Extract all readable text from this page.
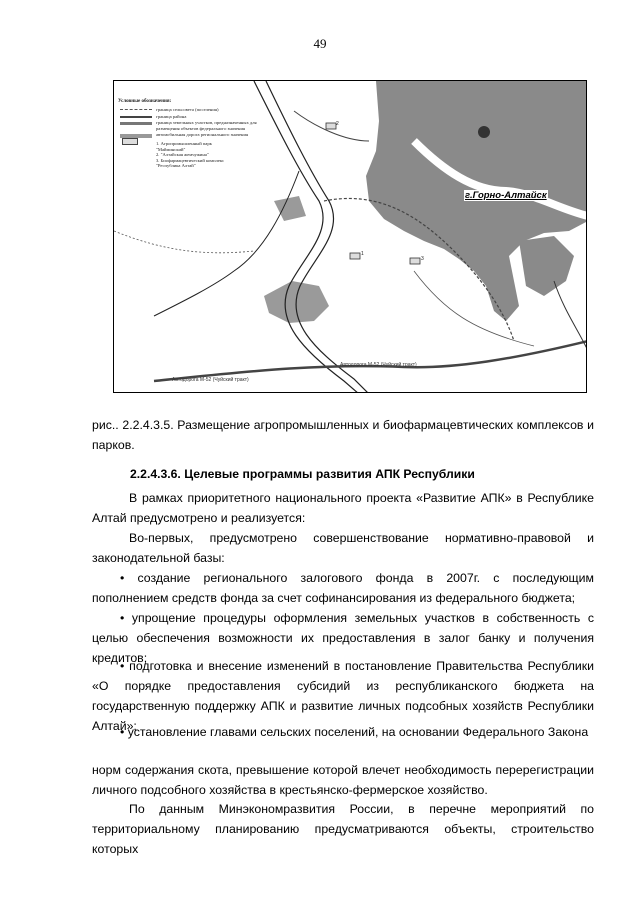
49
Условные обозначения:
граница сельсовета (поселения)
граница района
граница земельных участков, предназначенных для размещения объектов федерального значения
автомобильная дорога регионального значения
1. Агропромышленный парк
"Майминский"
2. "Алтайская жемчужина"
3. Биофармацевтический комплекс
"Республика Алтай"
г.Горно-Алтайск
Автодорога М-52 (Чуйский тракт)
Автодорога М-52 (Чуйский тракт)
2
1
3
рис.. 2.2.4.3.5. Размещение агропромышленных и биофармацевтических комплексов и парков.
2.2.4.3.6. Целевые программы развития АПК Республики
В рамках приоритетного национального проекта «Развитие АПК» в Республике Алтай предусмотрено и реализуется:
Во-первых, предусмотрено совершенствование нормативно-правовой и законодательной базы:
• создание регионального залогового фонда в 2007г. с последующим пополнением средств фонда за счет софинансирования из федерального бюджета;
• упрощение процедуры оформления земельных участков в собственность с целью обеспечения возможности их предоставления в залог банку и получения кредитов;
• подготовка и внесение изменений в постановление Правительства Республики «О порядке предоставления субсидий из республиканского бюджета на государственную поддержку АПК и развитие личных подсобных хозяйств Республики Алтай»;
• установление главами сельских поселений, на основании Федерального Закона
норм содержания скота, превышение которой влечет необходимость перерегистрации личного подсобного хозяйства в крестьянско-фермерское хозяйство.
По данным Минэкономразвития России, в перечне мероприятий по территориальному планированию предусматриваются объекты, строительство которых
